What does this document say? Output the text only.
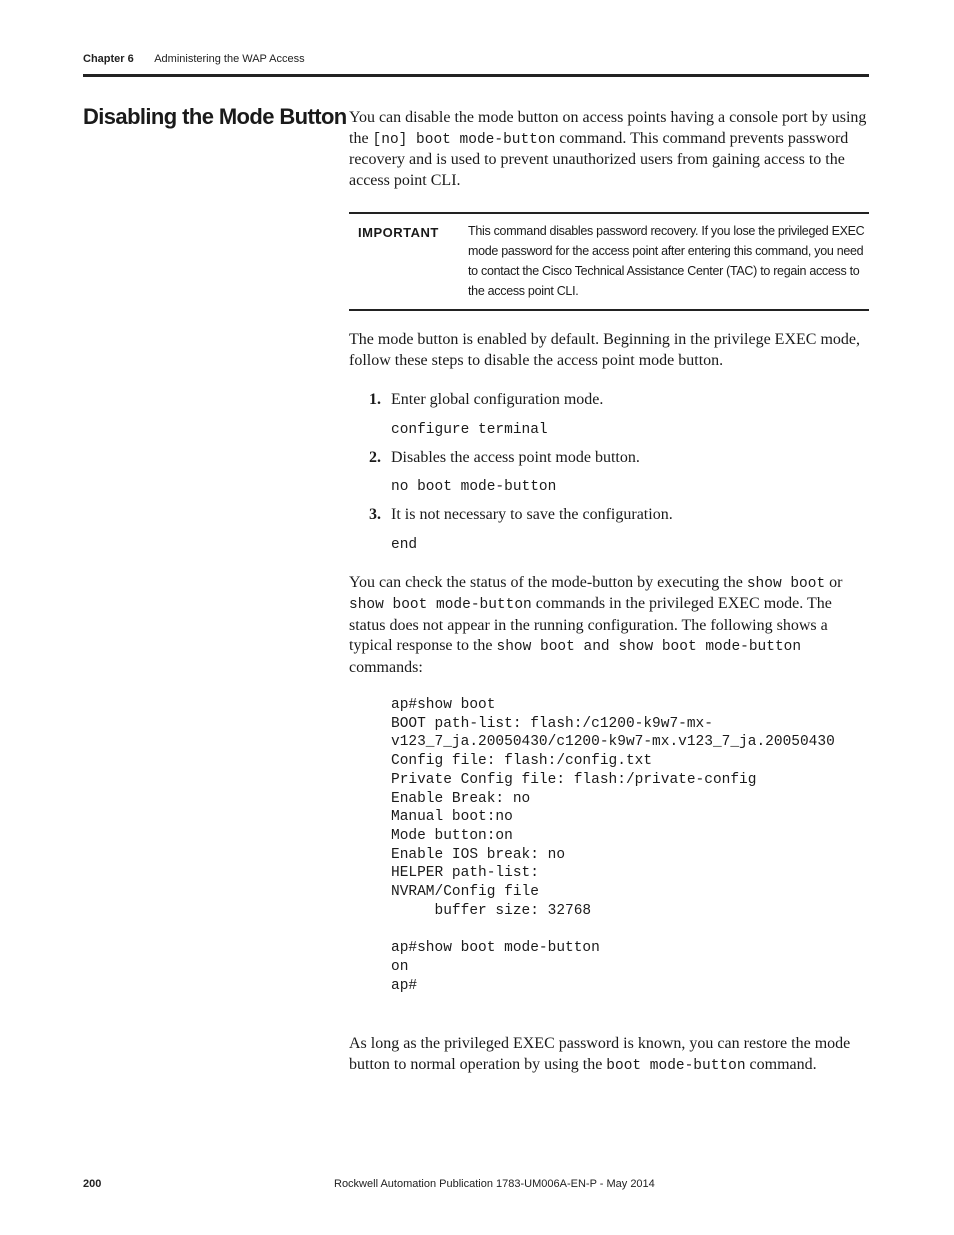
Chapter 6 Administering the WAP Access
Disabling the Mode Button You can disable the mode button on access points having a console port by using the [no] boot mode-button command. This command prevents password recovery and is used to prevent unauthorized users from gaining access to the access point CLI.

IMPORTANT	This command disables password recovery. If you lose the privileged EXEC mode password for the access point after entering this command, you need to contact the Cisco Technical Assistance Center (TAC) to regain access to the access point CLI.

The mode button is enabled by default. Beginning in the privilege EXEC mode, follow these steps to disable the access point mode button.

1. Enter global configuration mode.
configure terminal
2. Disables the access point mode button.
no boot mode-button
3. It is not necessary to save the configuration.
end

You can check the status of the mode-button by executing the show boot or show boot mode-button commands in the privileged EXEC mode. The status does not appear in the running configuration. The following shows a typical response to the show boot and show boot mode-button commands:

ap#show boot
BOOT path-list: flash:/c1200-k9w7-mx-
v123_7_ja.20050430/c1200-k9w7-mx.v123_7_ja.20050430
Config file: flash:/config.txt
Private Config file: flash:/private-config
Enable Break: no
Manual boot:no
Mode button:on
Enable IOS break: no
HELPER path-list:
NVRAM/Config file
buffer size: 32768

ap#show boot mode-button
on
ap#

As long as the privileged EXEC password is known, you can restore the mode button to normal operation by using the boot mode-button command.

200	Rockwell Automation Publication 1783-UM006A-EN-P - May 2014
